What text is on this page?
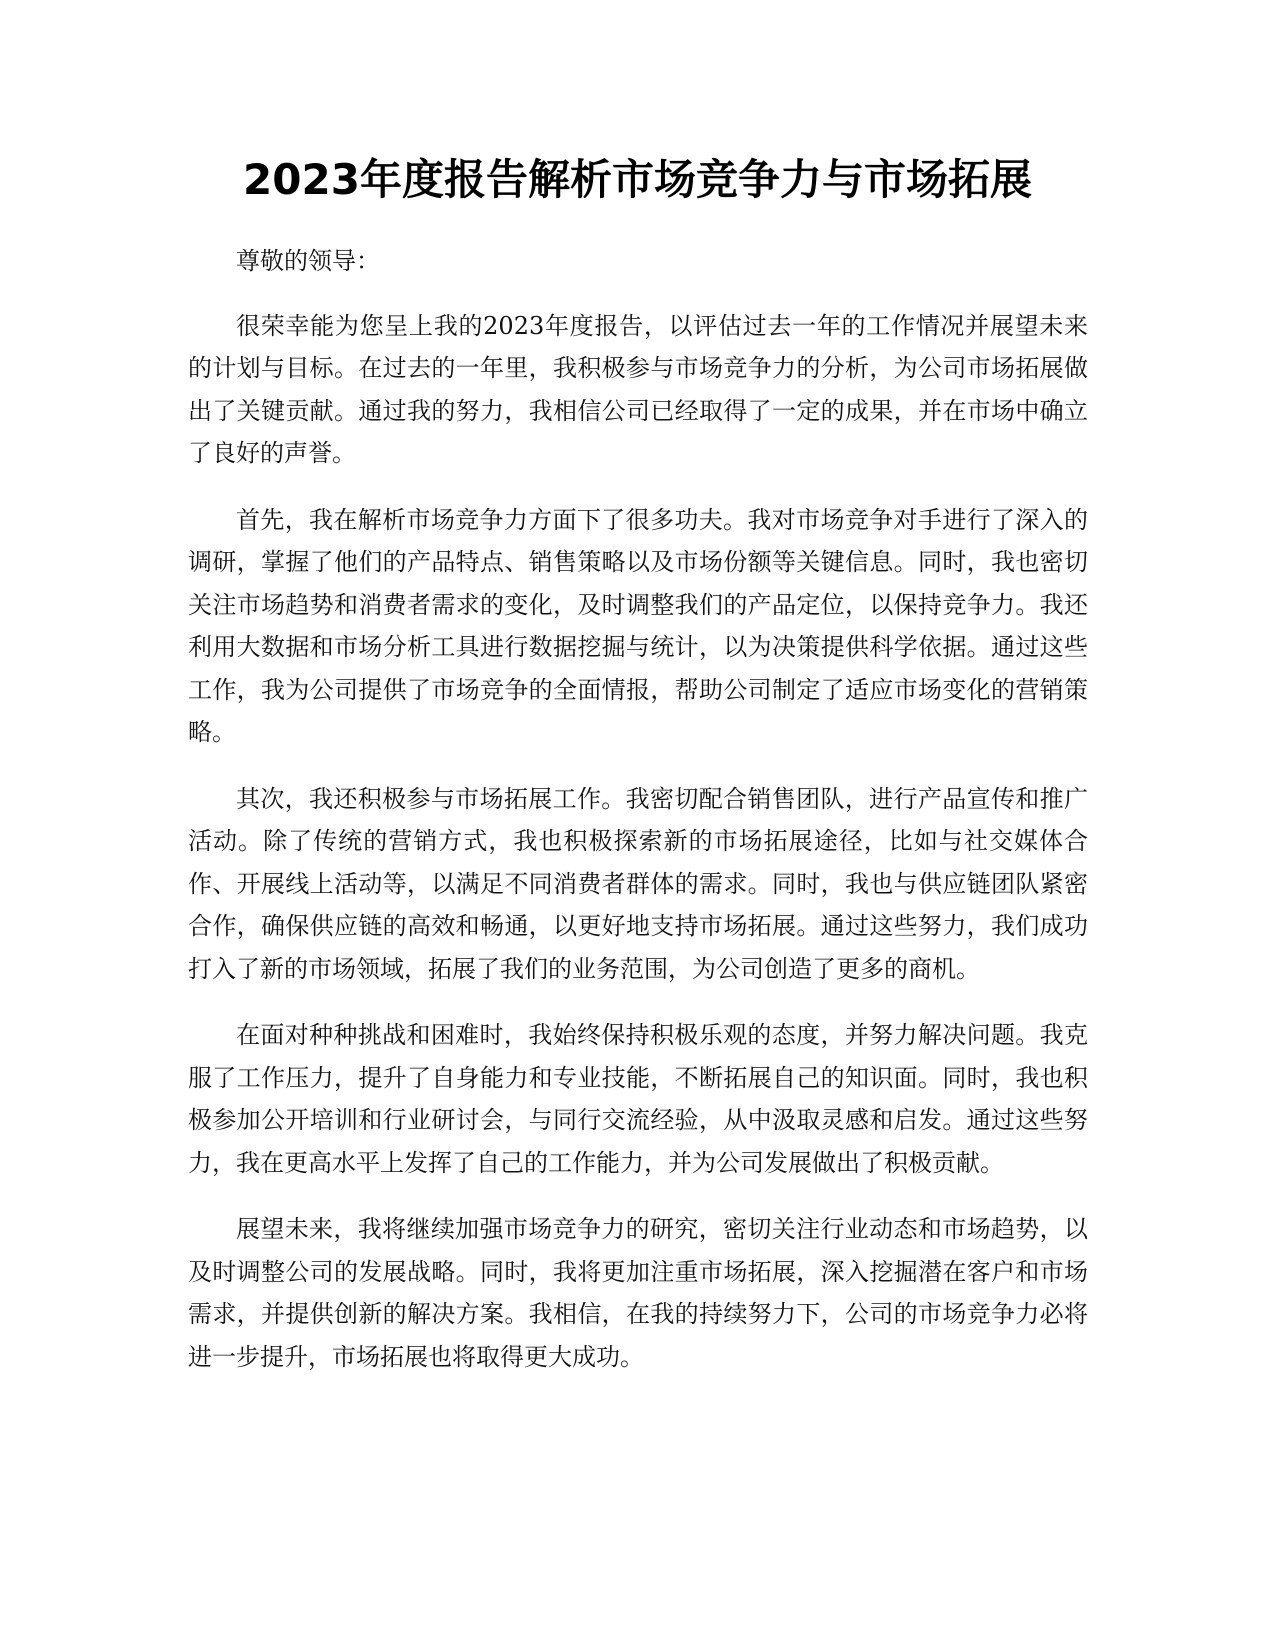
2023年度报告解析市场竞争力与市场拓展

尊敬的领导：

很荣幸能为您呈上我的2023年度报告，以评估过去一年的工作情况并展望未来的计划与目标。在过去的一年里，我积极参与市场竞争力的分析，为公司市场拓展做出了关键贡献。通过我的努力，我相信公司已经取得了一定的成果，并在市场中确立了良好的声誉。

首先，我在解析市场竞争力方面下了很多功夫。我对市场竞争对手进行了深入的调研，掌握了他们的产品特点、销售策略以及市场份额等关键信息。同时，我也密切关注市场趋势和消费者需求的变化，及时调整我们的产品定位，以保持竞争力。我还利用大数据和市场分析工具进行数据挖掘与统计，以为决策提供科学依据。通过这些工作，我为公司提供了市场竞争的全面情报，帮助公司制定了适应市场变化的营销策略。

其次，我还积极参与市场拓展工作。我密切配合销售团队，进行产品宣传和推广活动。除了传统的营销方式，我也积极探索新的市场拓展途径，比如与社交媒体合作、开展线上活动等，以满足不同消费者群体的需求。同时，我也与供应链团队紧密合作，确保供应链的高效和畅通，以更好地支持市场拓展。通过这些努力，我们成功打入了新的市场领域，拓展了我们的业务范围，为公司创造了更多的商机。

在面对种种挑战和困难时，我始终保持积极乐观的态度，并努力解决问题。我克服了工作压力，提升了自身能力和专业技能，不断拓展自己的知识面。同时，我也积极参加公开培训和行业研讨会，与同行交流经验，从中汲取灵感和启发。通过这些努力，我在更高水平上发挥了自己的工作能力，并为公司发展做出了积极贡献。

展望未来，我将继续加强市场竞争力的研究，密切关注行业动态和市场趋势，以及时调整公司的发展战略。同时，我将更加注重市场拓展，深入挖掘潜在客户和市场需求，并提供创新的解决方案。我相信，在我的持续努力下，公司的市场竞争力必将进一步提升，市场拓展也将取得更大成功。
